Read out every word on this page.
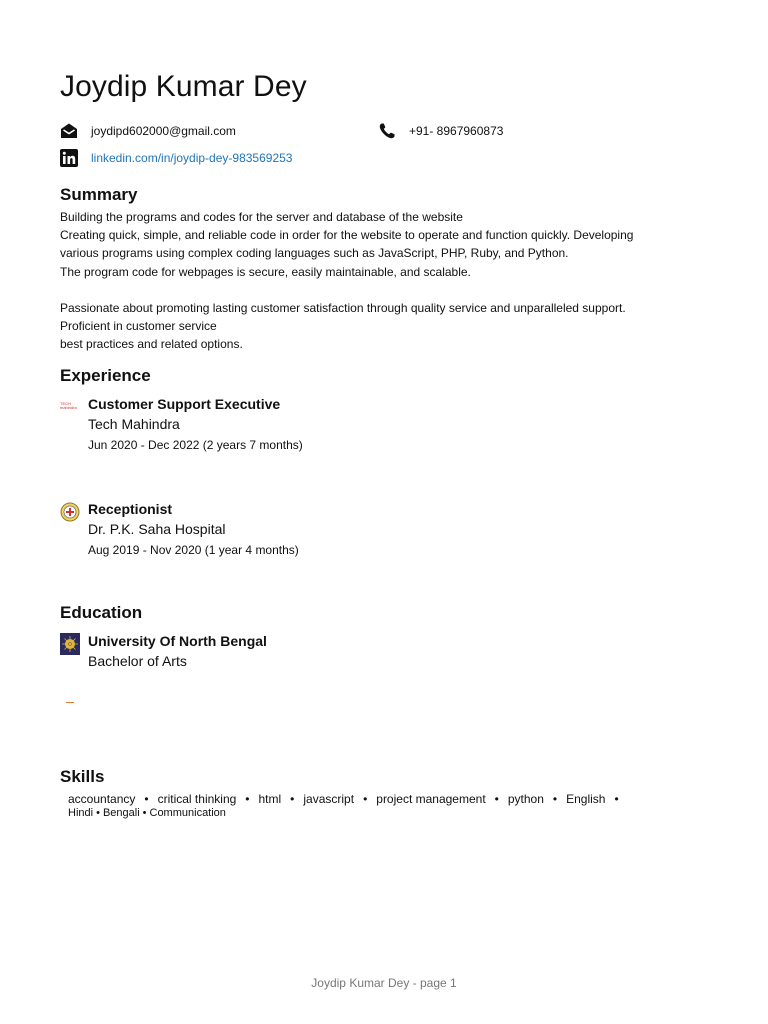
Joydip Kumar Dey
joydipd602000@gmail.com	+91- 8967960873
linkedin.com/in/joydip-dey-983569253
Summary

Building the programs and codes for the server and database of the website

Creating quick, simple, and reliable code in order for the website to operate and function quickly. Developing

various programs using complex coding languages such as JavaScript, PHP, Ruby, and Python.

The program code for webpages is secure, easily maintainable, and scalable.

Passionate about promoting lasting customer satisfaction through quality service and unparalleled support.

Proficient in customer service

best practices and related options.

Experience
TECH
mahindra Customer Support Executive
Tech Mahindra
Jun 2020 - Dec 2022 (2 years 7 months)
Receptionist
Dr. P.K. Saha Hospital
Aug 2019 - Nov 2020 (1 year 4 months)
Education
University Of North Bengal
Bachelor of Arts
Skills
accountancy • critical thinking • html • javascript • project management • python • English •
Hindi • Bengali • Communication
Joydip Kumar Dey - page 1
